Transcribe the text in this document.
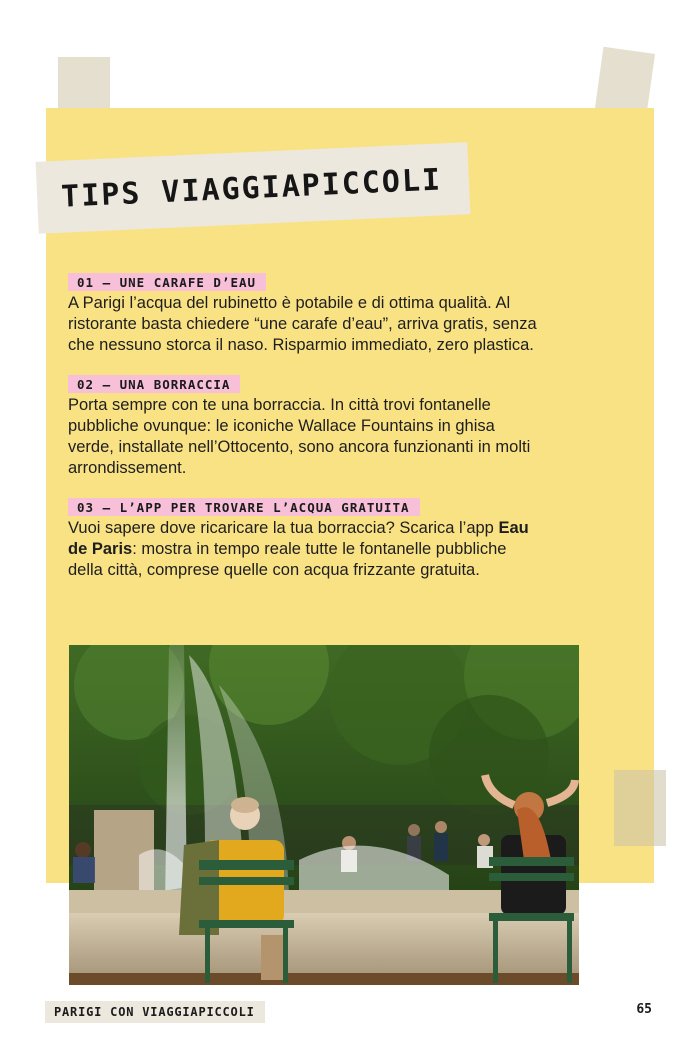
TIPS VIAGGIAPICCOLI
01 — UNE CARAFE D’EAU

A Parigi l’acqua del rubinetto è potabile e di ottima qualità. Al ristorante basta chiedere “une carafe d’eau”, arriva gratis, senza che nessuno storca il naso. Risparmio immediato, zero plastica.

02 — UNA BORRACCIA

Porta sempre con te una borraccia. In città trovi fontanelle pubbliche ovunque: le iconiche Wallace Fountains in ghisa verde, installate nell’Ottocento, sono ancora funzionanti in molti arrondissement.

03 — L’APP PER TROVARE L’ACQUA GRATUITA

Vuoi sapere dove ricaricare la tua borraccia? Scarica l’app Eau de Paris: mostra in tempo reale tutte le fontanelle pubbliche della città, comprese quelle con acqua frizzante gratuita.

PARIGI CON VIAGGIAPICCOLI	65
